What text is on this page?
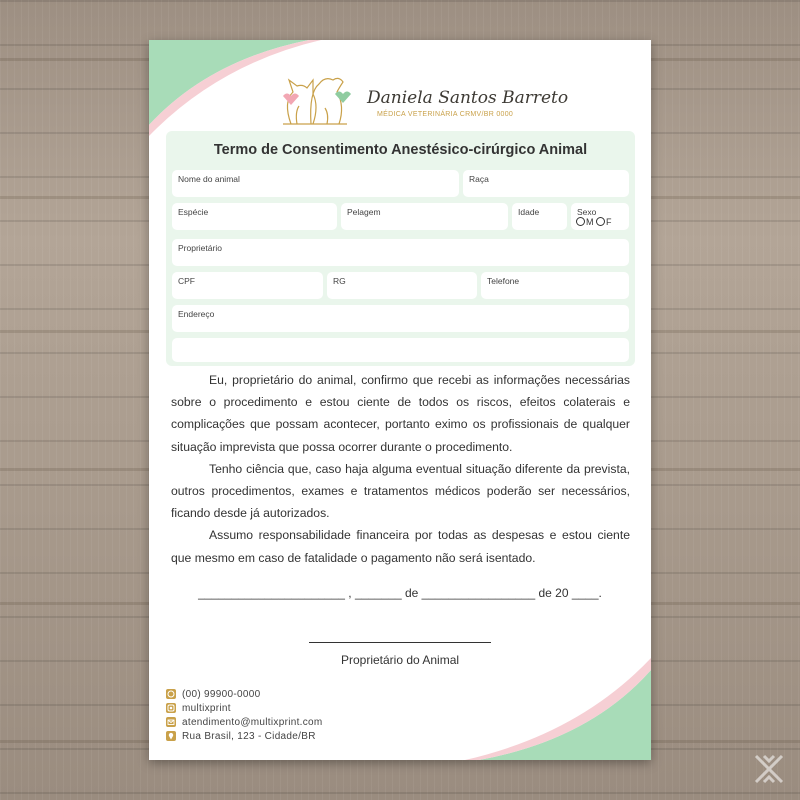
Daniela Santos Barreto
MÉDICA VETERINÁRIA CRMV/BR 0000
Termo de Consentimento Anestésico-cirúrgico Animal
Nome do animal	Raça
Espécie	Pelagem	Idade	Sexo
M F
Proprietário
CPF	RG	Telefone
Endereço

Eu, proprietário do animal, confirmo que recebi as informações necessárias sobre o procedimento e estou ciente de todos os riscos, efeitos colaterais e complicações que possam acontecer, portanto eximo os profissionais de qualquer situação imprevista que possa ocorrer durante o procedimento.

Tenho ciência que, caso haja alguma eventual situação diferente da prevista, outros procedimentos, exames e tratamentos médicos poderão ser necessários, ficando desde já autorizados.

Assumo responsabilidade financeira por todas as despesas e estou ciente que mesmo em caso de fatalidade o pagamento não será isentado.

______________________ , _______ de _________________ de 20 ____.
Proprietário do Animal
(00) 99900-0000
multixprint
atendimento@multixprint.com
Rua Brasil, 123 - Cidade/BR
